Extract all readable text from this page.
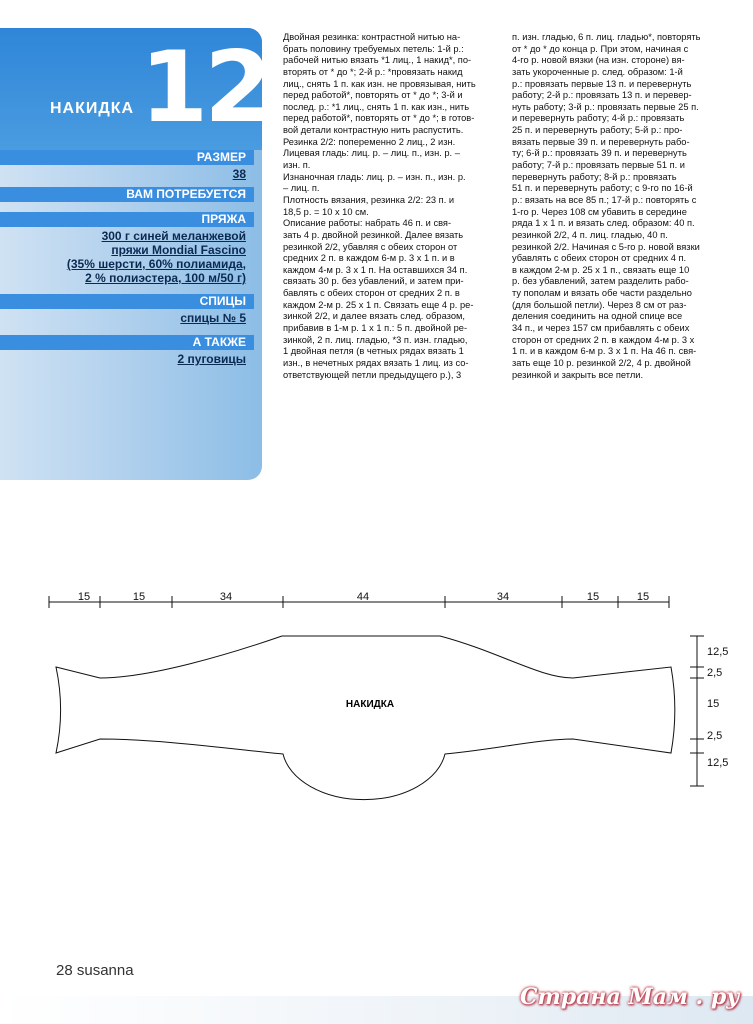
НАКИДКА 12
РАЗМЕР
38
ВАМ ПОТРЕБУЕТСЯ
ПРЯЖА
300 г синей меланжевой
пряжи Mondial Fascino
(35% шерсти, 60% полиамида,
2 % полиэстера, 100 м/50 г)
СПИЦЫ
спицы № 5
А ТАКЖЕ
2 пуговицы
Двойная резинка: контрастной нитью на-
брать половину требуемых петель: 1-й р.:
рабочей нитью вязать *1 лиц., 1 накид*, по-
вторять от * до *; 2-й р.: *провязать накид
лиц., снять 1 п. как изн. не провязывая, нить
перед работой*, повторять от * до *; 3-й и
послед. р.: *1 лиц., снять 1 п. как изн., нить
перед работой*, повторять от * до *; в готов-
вой детали контрастную нить распустить.
Резинка 2/2: попеременно 2 лиц., 2 изн.
Лицевая гладь: лиц. р. – лиц. п., изн. р. –
изн. п.
Изнаночная гладь: лиц. р. – изн. п., изн. р.
– лиц. п.
Плотность вязания, резинка 2/2: 23 п. и
18,5 р. = 10 х 10 см.
Описание работы: набрать 46 п. и свя-
зать 4 р. двойной резинкой. Далее вязать
резинкой 2/2, убавляя с обеих сторон от
средних 2 п. в каждом 6-м р. 3 х 1 п. и в
каждом 4-м р. 3 х 1 п. На оставшихся 34 п.
связать 30 р. без убавлений, и затем при-
бавлять с обеих сторон от средних 2 п. в
каждом 2-м р. 25 х 1 п. Связать еще 4 р. ре-
зинкой 2/2, и далее вязать след. образом,
прибавив в 1-м р. 1 х 1 п.: 5 п. двойной ре-
зинкой, 2 п. лиц. гладью, *3 п. изн. гладью,
1 двойная петля (в четных рядах вязать 1
изн., в нечетных рядах вязать 1 лиц. из со-
ответствующей петли предыдущего р.), 3
п. изн. гладью, 6 п. лиц. гладью*, повторять
от * до * до конца р. При этом, начиная с
4-го р. новой вязки (на изн. стороне) вя-
зать укороченные р. след. образом: 1-й
р.: провязать первые 13 п. и перевернуть
работу; 2-й р.: провязать 13 п. и перевер-
нуть работу; 3-й р.: провязать первые 25 п.
и перевернуть работу; 4-й р.: провязать
25 п. и перевернуть работу; 5-й р.: про-
вязать первые 39 п. и перевернуть рабо-
ту; 6-й р.: провязать 39 п. и перевернуть
работу; 7-й р.: провязать первые 51 п. и
перевернуть работу; 8-й р.: провязать
51 п. и перевернуть работу; с 9-го по 16-й
р.: вязать на все 85 п.; 17-й р.: повторять с
1-го р. Через 108 см убавить в середине
ряда 1 х 1 п. и вязать след. образом: 40 п.
резинкой 2/2, 4 п. лиц. гладью, 40 п.
резинкой 2/2. Начиная с 5-го р. новой вязки
убавлять с обеих сторон от средних 4 п.
в каждом 2-м р. 25 х 1 п., связать еще 10
р. без убавлений, затем разделить рабо-
ту пополам и вязать обе части раздельно
(для большой петли). Через 8 см от раз-
деления соединить на одной спице все
34 п., и через 157 см прибавлять с обеих
сторон от средних 2 п. в каждом 4-м р. 3 х
1 п. и в каждом 6-м р. 3 х 1 п. На 46 п. свя-
зать еще 10 р. резинкой 2/2, 4 р. двойной
резинкой и закрыть все петли.
15	15	34	44	34	15	15
НАКИДКА
12,5
2,5
15
2,5
12,5
28 susanna
Страна Мам . ру
